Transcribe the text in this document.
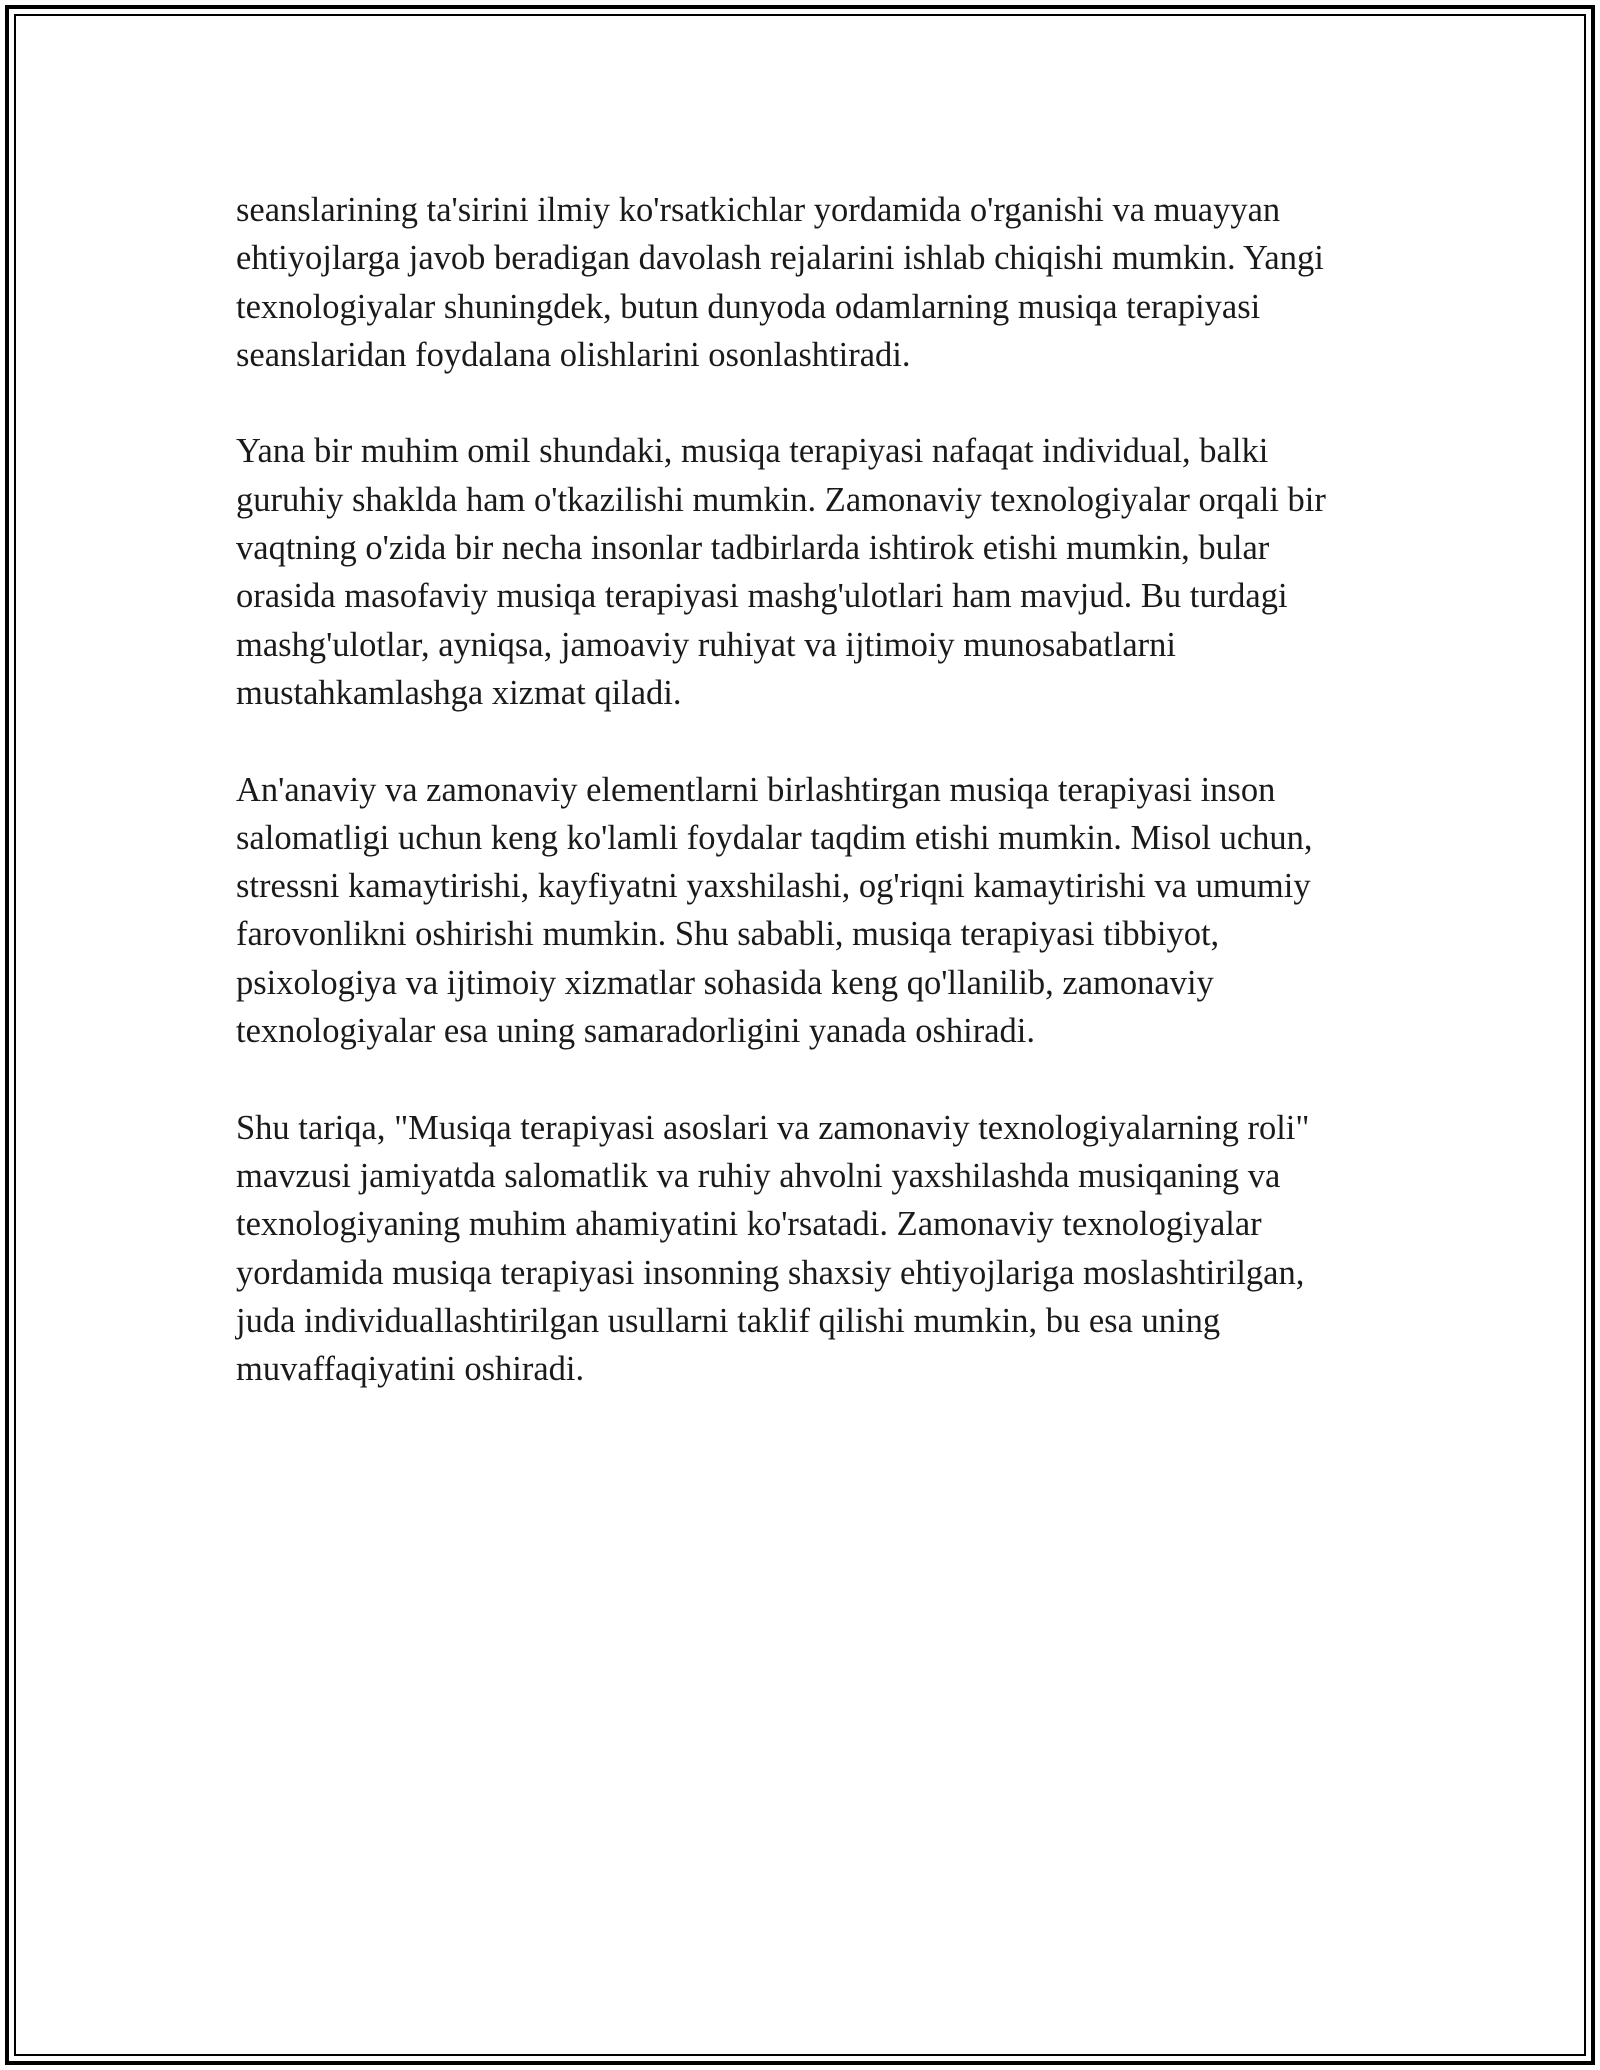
seanslarining ta'sirini ilmiy ko'rsatkichlar yordamida o'rganishi va muayyan ehtiyojlarga javob beradigan davolash rejalarini ishlab chiqishi mumkin. Yangi texnologiyalar shuningdek, butun dunyoda odamlarning musiqa terapiyasi seanslaridan foydalana olishlarini osonlashtiradi.

Yana bir muhim omil shundaki, musiqa terapiyasi nafaqat individual, balki guruhiy shaklda ham o'tkazilishi mumkin. Zamonaviy texnologiyalar orqali bir vaqtning o'zida bir necha insonlar tadbirlarda ishtirok etishi mumkin, bular orasida masofaviy musiqa terapiyasi mashg'ulotlari ham mavjud. Bu turdagi mashg'ulotlar, ayniqsa, jamoaviy ruhiyat va ijtimoiy munosabatlarni mustahkamlashga xizmat qiladi.

An'anaviy va zamonaviy elementlarni birlashtirgan musiqa terapiyasi inson salomatligi uchun keng ko'lamli foydalar taqdim etishi mumkin. Misol uchun, stressni kamaytirishi, kayfiyatni yaxshilashi, og'riqni kamaytirishi va umumiy farovonlikni oshirishi mumkin. Shu sababli, musiqa terapiyasi tibbiyot, psixologiya va ijtimoiy xizmatlar sohasida keng qo'llanilib, zamonaviy texnologiyalar esa uning samaradorligini yanada oshiradi.

Shu tariqa, "Musiqa terapiyasi asoslari va zamonaviy texnologiyalarning roli" mavzusi jamiyatda salomatlik va ruhiy ahvolni yaxshilashda musiqaning va texnologiyaning muhim ahamiyatini ko'rsatadi. Zamonaviy texnologiyalar yordamida musiqa terapiyasi insonning shaxsiy ehtiyojlariga moslashtirilgan, juda individuallashtirilgan usullarni taklif qilishi mumkin, bu esa uning muvaffaqiyatini oshiradi.
